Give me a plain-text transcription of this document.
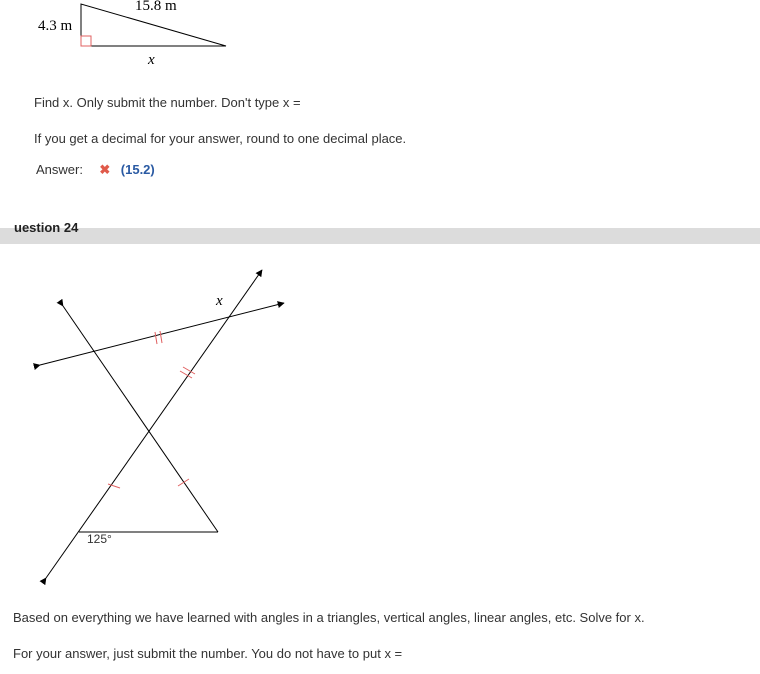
15.8 m
4.3 m
x
Find x. Only submit the number. Don't type x =
If you get a decimal for your answer, round to one decimal place.
Answer: ✖ (15.2)
uestion 24
x
125°
Based on everything we have learned with angles in a triangles, vertical angles, linear angles, etc. Solve for x.
For your answer, just submit the number. You do not have to put x =
